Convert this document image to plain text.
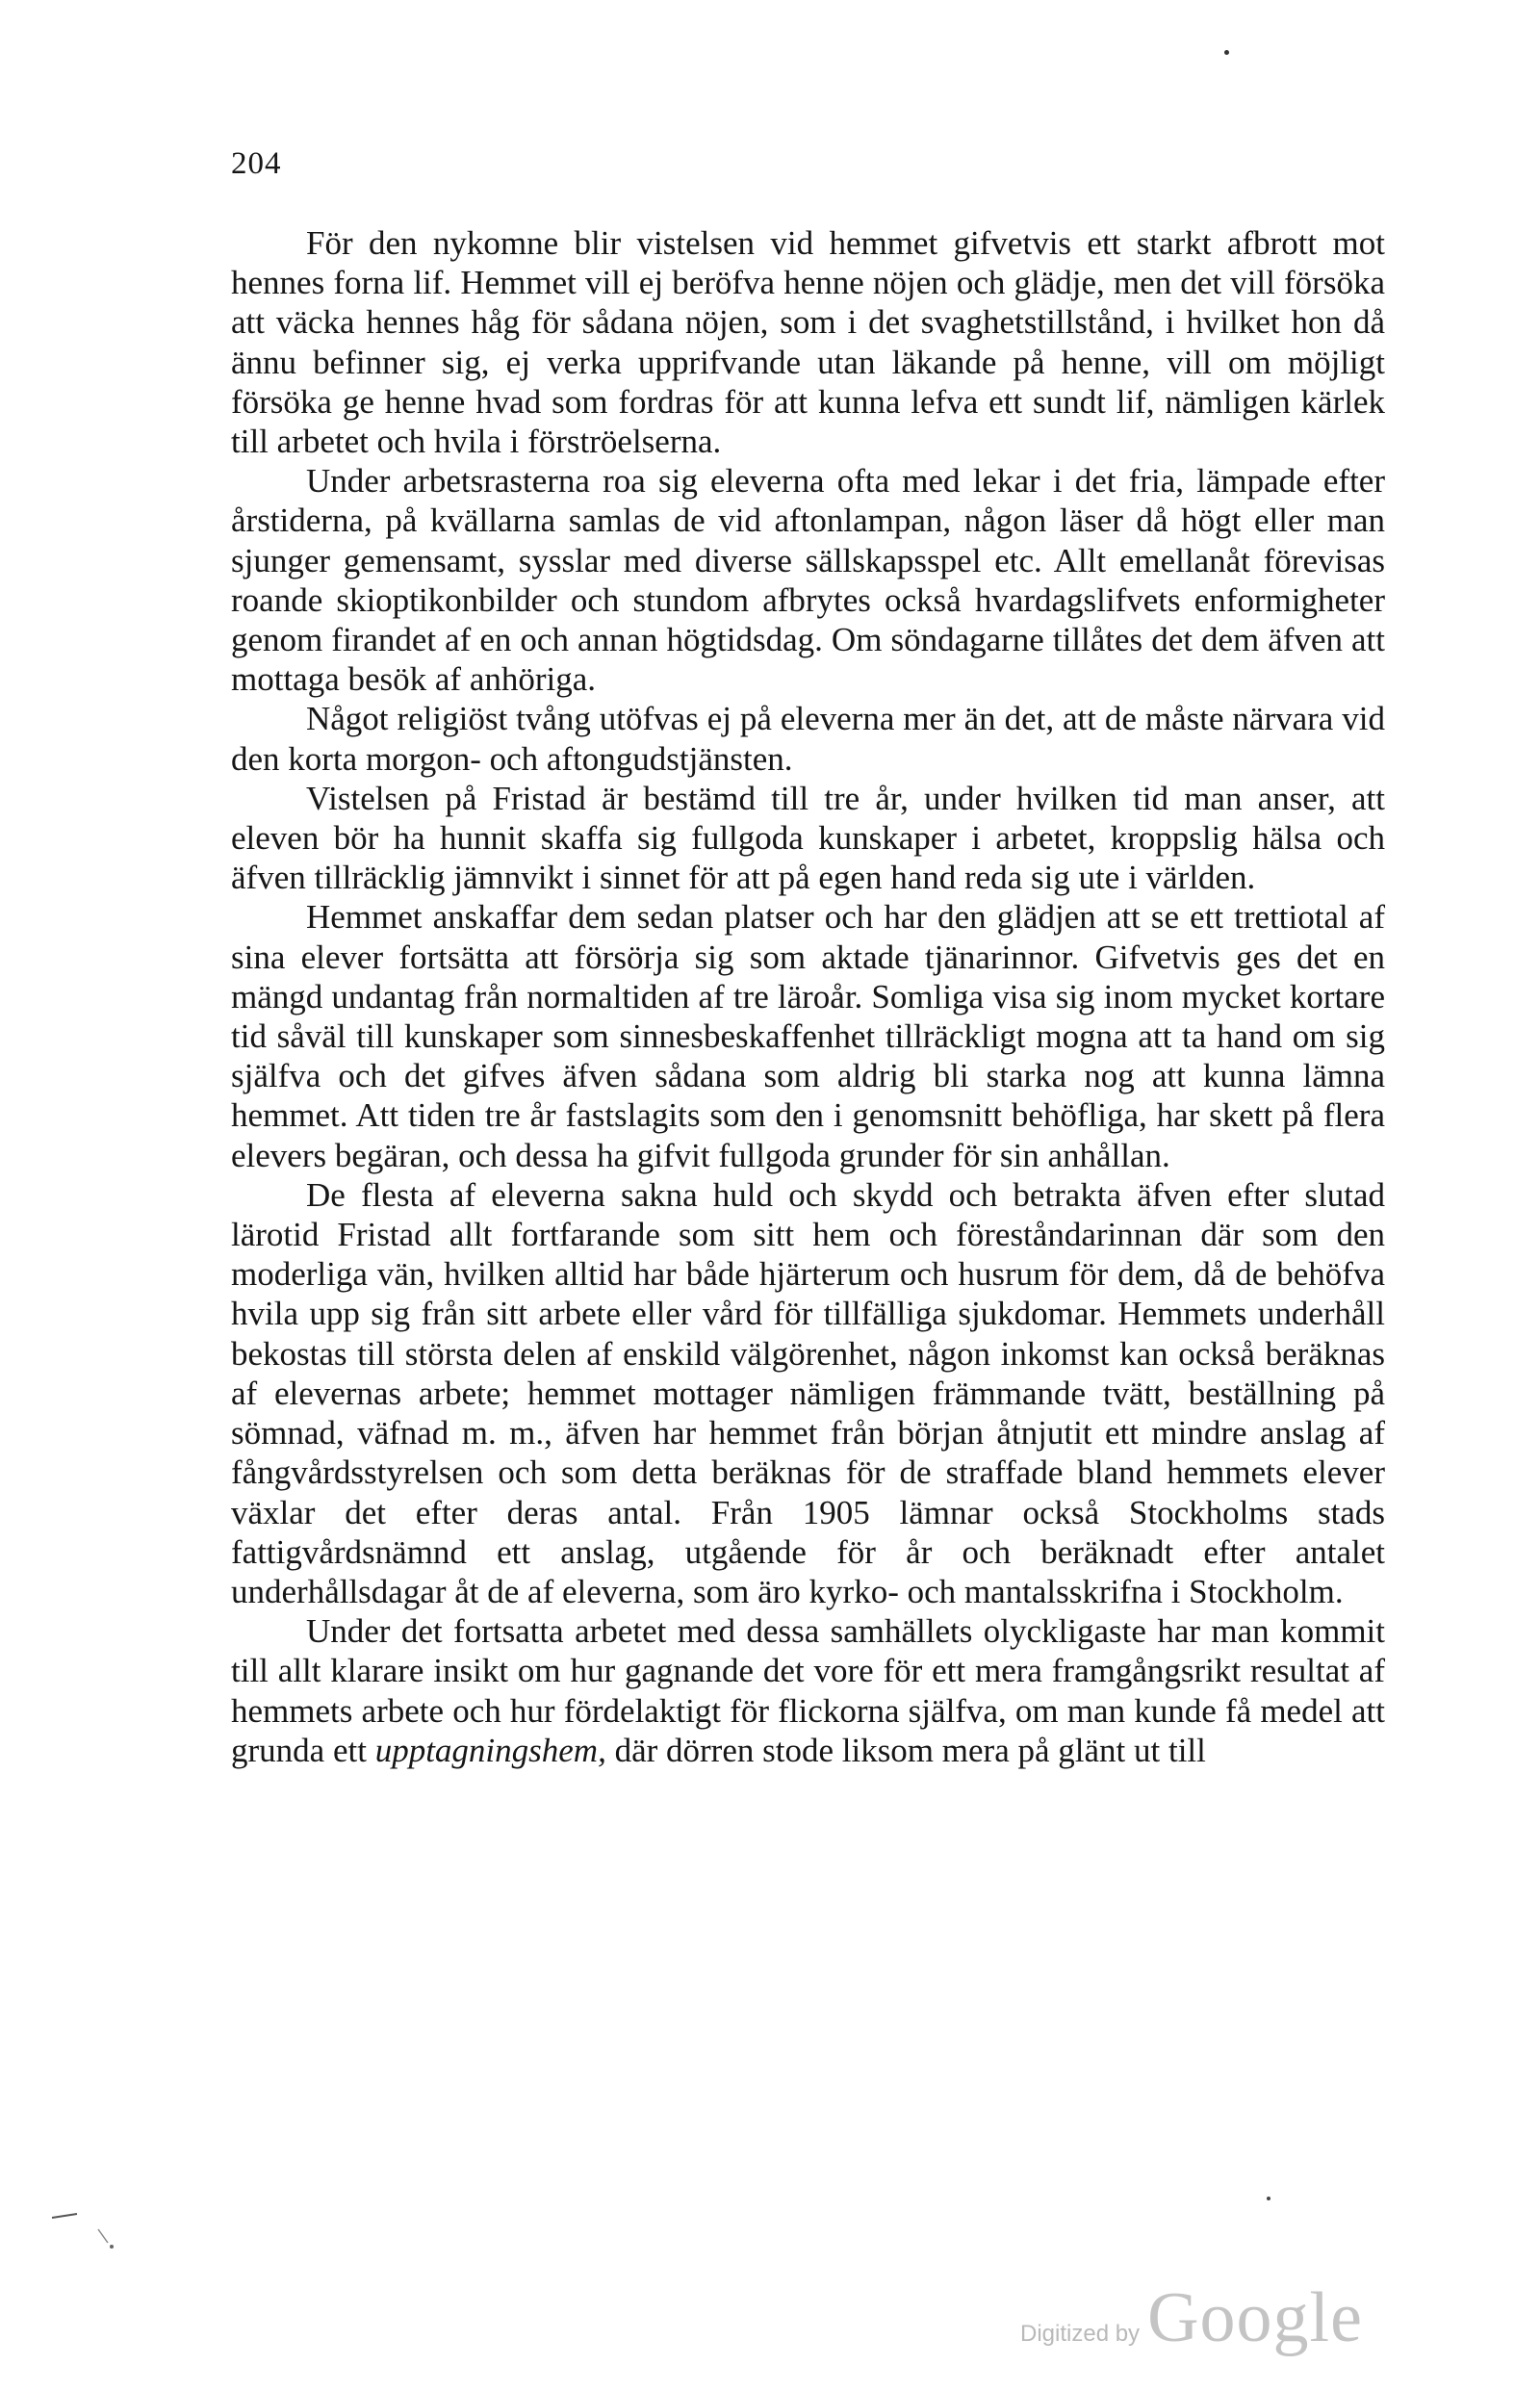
204

För den nykomne blir vistelsen vid hemmet gifvetvis ett starkt afbrott mot hennes forna lif. Hemmet vill ej beröfva henne nöjen och glädje, men det vill försöka att väcka hennes håg för sådana nöjen, som i det svaghetstillstånd, i hvilket hon då ännu befinner sig, ej verka upprifvande utan läkande på henne, vill om möjligt försöka ge henne hvad som fordras för att kunna lefva ett sundt lif, nämligen kärlek till arbetet och hvila i förströelserna.

Under arbetsrasterna roa sig eleverna ofta med lekar i det fria, lämpade efter årstiderna, på kvällarna samlas de vid aftonlampan, någon läser då högt eller man sjunger gemensamt, sysslar med diverse sällskapsspel etc. Allt emellanåt förevisas roande skioptikonbilder och stundom afbrytes också hvardagslifvets enformigheter genom firandet af en och annan högtidsdag. Om söndagarne tillåtes det dem äfven att mottaga besök af anhöriga.

Något religiöst tvång utöfvas ej på eleverna mer än det, att de måste närvara vid den korta morgon- och aftongudstjänsten.

Vistelsen på Fristad är bestämd till tre år, under hvilken tid man anser, att eleven bör ha hunnit skaffa sig fullgoda kunskaper i arbetet, kroppslig hälsa och äfven tillräcklig jämnvikt i sinnet för att på egen hand reda sig ute i världen.

Hemmet anskaffar dem sedan platser och har den glädjen att se ett trettiotal af sina elever fortsätta att försörja sig som aktade tjänarinnor. Gifvetvis ges det en mängd undantag från normaltiden af tre läroår. Somliga visa sig inom mycket kortare tid såväl till kunskaper som sinnesbeskaffenhet tillräckligt mogna att ta hand om sig själfva och det gifves äfven sådana som aldrig bli starka nog att kunna lämna hemmet. Att tiden tre år fastslagits som den i genomsnitt behöfliga, har skett på flera elevers begäran, och dessa ha gifvit fullgoda grunder för sin anhållan.

De flesta af eleverna sakna huld och skydd och betrakta äfven efter slutad lärotid Fristad allt fortfarande som sitt hem och föreståndarinnan där som den moderliga vän, hvilken alltid har både hjärterum och husrum för dem, då de behöfva hvila upp sig från sitt arbete eller vård för tillfälliga sjukdomar. Hemmets underhåll bekostas till största delen af enskild välgörenhet, någon inkomst kan också beräknas af elevernas arbete; hemmet mottager nämligen främmande tvätt, beställning på sömnad, väfnad m. m., äfven har hemmet från början åtnjutit ett mindre anslag af fångvårdsstyrelsen och som detta beräknas för de straffade bland hemmets elever växlar det efter deras antal. Från 1905 lämnar också Stockholms stads fattigvårdsnämnd ett anslag, utgående för år och beräknadt efter antalet underhållsdagar åt de af eleverna, som äro kyrko- och mantalsskrifna i Stockholm.

Under det fortsatta arbetet med dessa samhällets olyckligaste har man kommit till allt klarare insikt om hur gagnande det vore för ett mera framgångsrikt resultat af hemmets arbete och hur fördelaktigt för flickorna själfva, om man kunde få medel att grunda ett upptagningshem, där dörren stode liksom mera på glänt ut till

Digitized by Google
